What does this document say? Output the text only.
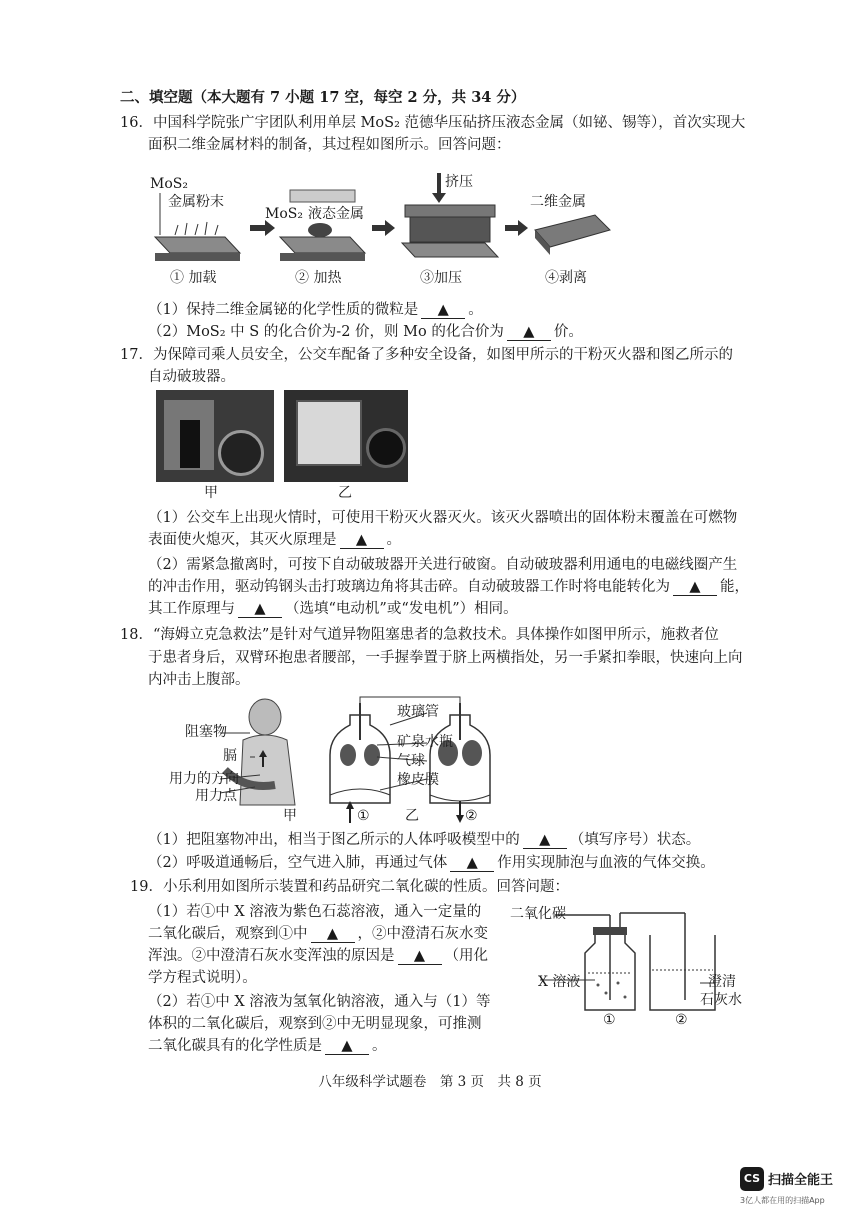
二、填空题（本大题有 7 小题 17 空，每空 2 分，共 34 分）
16．中国科学院张广宇团队利用单层 MoS₂ 范德华压砧挤压液态金属（如铋、锡等），首次实现大
面积二维金属材料的制备，其过程如图所示。回答问题：
MoS₂
金属粉末
MoS₂ 液态金属
挤压
二维金属
① 加载	② 加热	③加压	④剥离
（1）保持二维金属铋的化学性质的微粒是 ▲ 。
（2）MoS₂ 中 S 的化合价为-2 价，则 Mo 的化合价为 ▲ 价。
17．为保障司乘人员安全，公交车配备了多种安全设备，如图甲所示的干粉灭火器和图乙所示的
自动破玻器。
甲	乙
（1）公交车上出现火情时，可使用干粉灭火器灭火。该灭火器喷出的固体粉末覆盖在可燃物
表面使火熄灭，其灭火原理是 ▲ 。
（2）需紧急撤离时，可按下自动破玻器开关进行破窗。自动破玻器利用通电的电磁线圈产生
的冲击作用，驱动钨钢头击打玻璃边角将其击碎。自动破玻器工作时将电能转化为 ▲ 能，
其工作原理与 ▲ （选填“电动机”或“发电机”）相同。
18．“海姆立克急救法”是针对气道异物阻塞患者的急救技术。具体操作如图甲所示，施救者位
于患者身后，双臂环抱患者腰部，一手握拳置于脐上两横指处，另一手紧扣拳眼，快速向上向
内冲击上腹部。
阻塞物
膈
用力的方向
用力点
甲
玻璃管
矿泉水瓶
气球
橡皮膜
乙
①	②
（1）把阻塞物冲出，相当于图乙所示的人体呼吸模型中的 ▲ （填写序号）状态。
（2）呼吸道通畅后，空气进入肺，再通过气体 ▲ 作用实现肺泡与血液的气体交换。
19．小乐利用如图所示装置和药品研究二氧化碳的性质。回答问题：
（1）若①中 X 溶液为紫色石蕊溶液，通入一定量的
二氧化碳后，观察到①中 ▲ ，②中澄清石灰水变
浑浊。②中澄清石灰水变浑浊的原因是 ▲ （用化
学方程式说明）。
（2）若①中 X 溶液为氢氧化钠溶液，通入与（1）等
体积的二氧化碳后，观察到②中无明显现象，可推测
二氧化碳具有的化学性质是 ▲ 。
二氧化碳
X 溶液	澄清
石灰水
①	②
八年级科学试题卷　第 3 页　共 8 页
CS 扫描全能王
3亿人都在用的扫描App
